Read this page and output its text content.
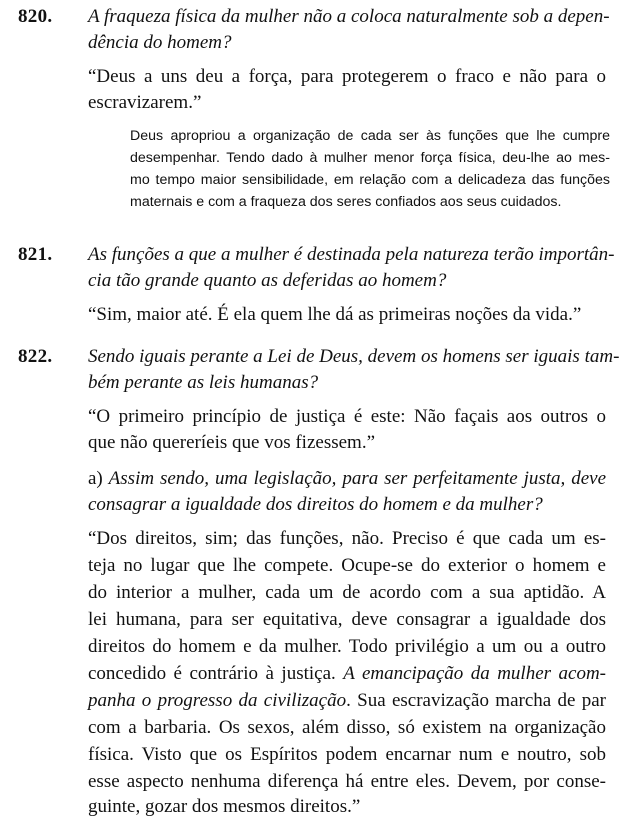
820. A fraqueza física da mulher não a coloca naturalmente sob a depen-
dência do homem?
“Deus a uns deu a força, para protegerem o fraco e não para o
escravizarem.”
Deus apropriou a organização de cada ser às funções que lhe cumpre
desempenhar. Tendo dado à mulher menor força física, deu-lhe ao mes-
mo tempo maior sensibilidade, em relação com a delicadeza das funções
maternais e com a fraqueza dos seres confiados aos seus cuidados.
821. As funções a que a mulher é destinada pela natureza terão importân-
cia tão grande quanto as deferidas ao homem?
“Sim, maior até. É ela quem lhe dá as primeiras noções da vida.”
822. Sendo iguais perante a Lei de Deus, devem os homens ser iguais tam-
bém perante as leis humanas?
“O primeiro princípio de justiça é este: Não façais aos outros o
que não quereríeis que vos fizessem.”
a) Assim sendo, uma legislação, para ser perfeitamente justa, deve
consagrar a igualdade dos direitos do homem e da mulher?
“Dos direitos, sim; das funções, não. Preciso é que cada um es-
teja no lugar que lhe compete. Ocupe-se do exterior o homem e
do interior a mulher, cada um de acordo com a sua aptidão. A
lei humana, para ser equitativa, deve consagrar a igualdade dos
direitos do homem e da mulher. Todo privilégio a um ou a outro
concedido é contrário à justiça. A emancipação da mulher acom-
panha o progresso da civilização. Sua escravização marcha de par
com a barbaria. Os sexos, além disso, só existem na organização
física. Visto que os Espíritos podem encarnar num e noutro, sob
esse aspecto nenhuma diferença há entre eles. Devem, por conse-
guinte, gozar dos mesmos direitos.”
